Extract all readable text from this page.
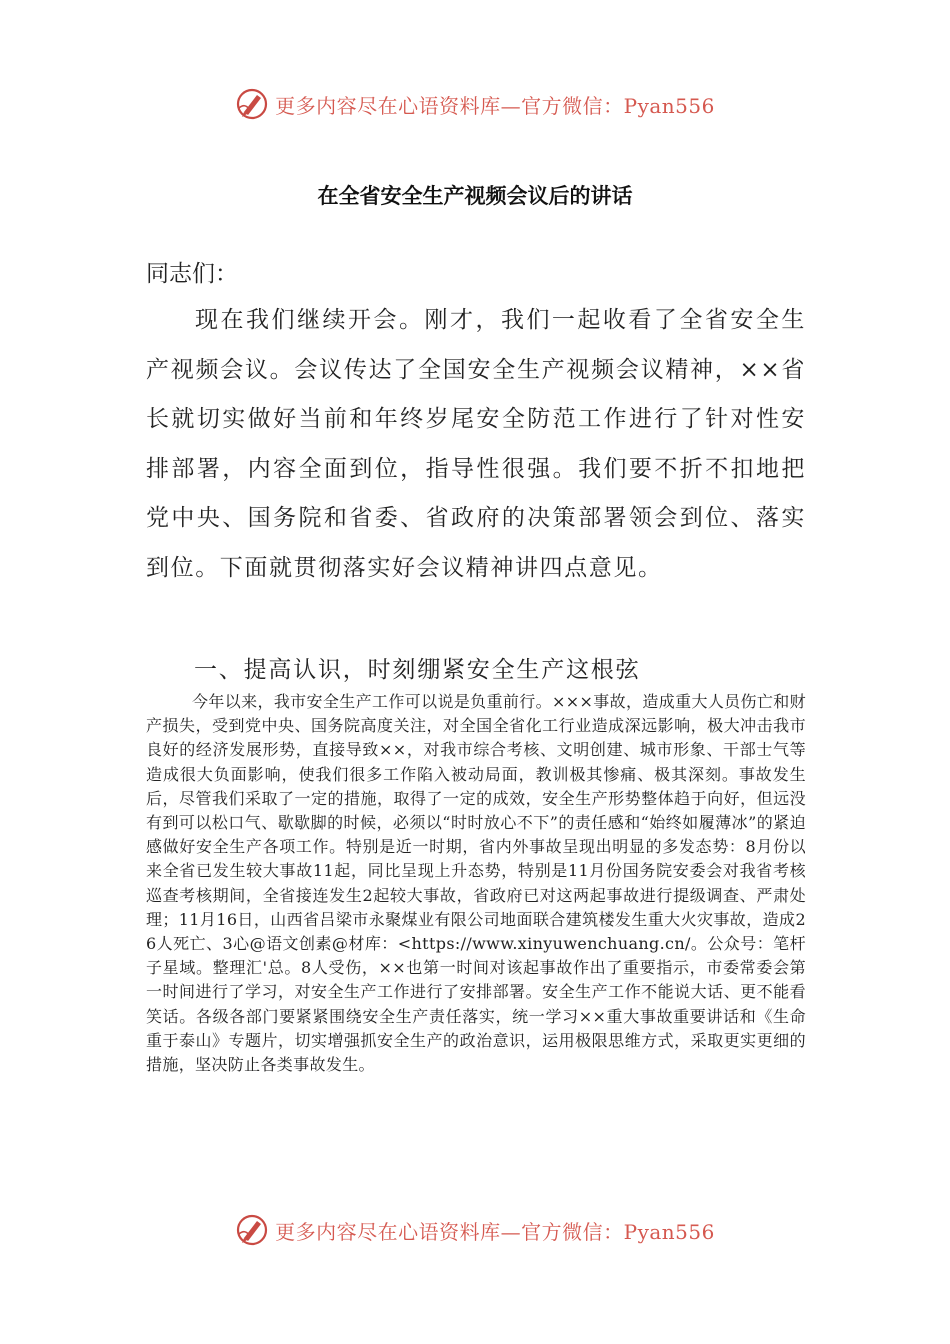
更多内容尽在心语资料库—官方微信：Pyan556
在全省安全生产视频会议后的讲话
同志们：

现在我们继续开会。刚才，我们一起收看了全省安全生产视频会议。会议传达了全国安全生产视频会议精神，××省长就切实做好当前和年终岁尾安全防范工作进行了针对性安排部署，内容全面到位，指导性很强。我们要不折不扣地把党中央、国务院和省委、省政府的决策部署领会到位、落实到位。下面就贯彻落实好会议精神讲四点意见。

一、提高认识，时刻绷紧安全生产这根弦

今年以来，我市安全生产工作可以说是负重前行。×××事故，造成重大人员伤亡和财产损失，受到党中央、国务院高度关注，对全国全省化工行业造成深远影响，极大冲击我市良好的经济发展形势，直接导致××，对我市综合考核、文明创建、城市形象、干部士气等造成很大负面影响，使我们很多工作陷入被动局面，教训极其惨痛、极其深刻。事故发生后，尽管我们采取了一定的措施，取得了一定的成效，安全生产形势整体趋于向好，但远没有到可以松口气、歇歇脚的时候，必须以“时时放心不下”的责任感和“始终如履薄冰”的紧迫感做好安全生产各项工作。特别是近一时期，省内外事故呈现出明显的多发态势：8月份以来全省已发生较大事故11起，同比呈现上升态势，特别是11月份国务院安委会对我省考核巡查考核期间，全省接连发生2起较大事故，省政府已对这两起事故进行提级调查、严肃处理；11月16日，山西省吕梁市永聚煤业有限公司地面联合建筑楼发生重大火灾事故，造成26人死亡、3心@语文创素@材库：<https://www.xinyuwenchuang.cn/。公众号：笔杆子星域。整理汇'总。8人受伤，××也第一时间对该起事故作出了重要指示，市委常委会第一时间进行了学习，对安全生产工作进行了安排部署。安全生产工作不能说大话、更不能看笑话。各级各部门要紧紧围绕安全生产责任落实，统一学习××重大事故重要讲话和《生命重于泰山》专题片，切实增强抓安全生产的政治意识，运用极限思维方式，采取更实更细的措施，坚决防止各类事故发生。

更多内容尽在心语资料库—官方微信：Pyan556
